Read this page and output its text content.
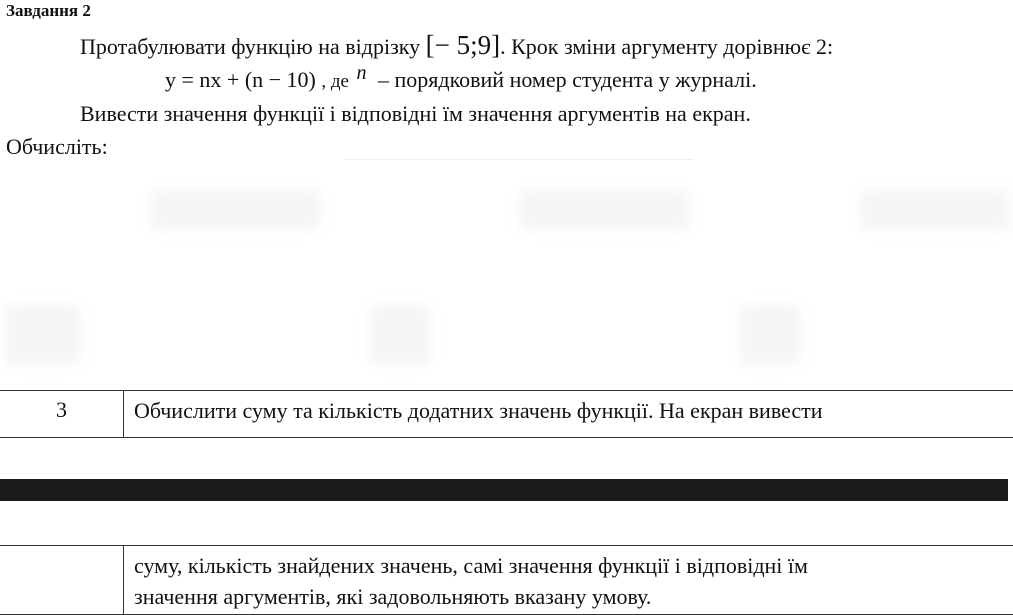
Завдання 2
Протабулювати функцію на відрізку [− 5;9]. Крок зміни аргументу дорівнює 2:
y = nx + (n − 10) , де n – порядковий номер студента у журналі.
Вивести значення функції і відповідні їм значення аргументів на екран.
Обчисліть:
3	Обчислити суму та кількість додатних значень функції. На екран вивести
суму, кількість знайдених значень, самі значення функції і відповідні їм
значення аргументів, які задовольняють вказану умову.
